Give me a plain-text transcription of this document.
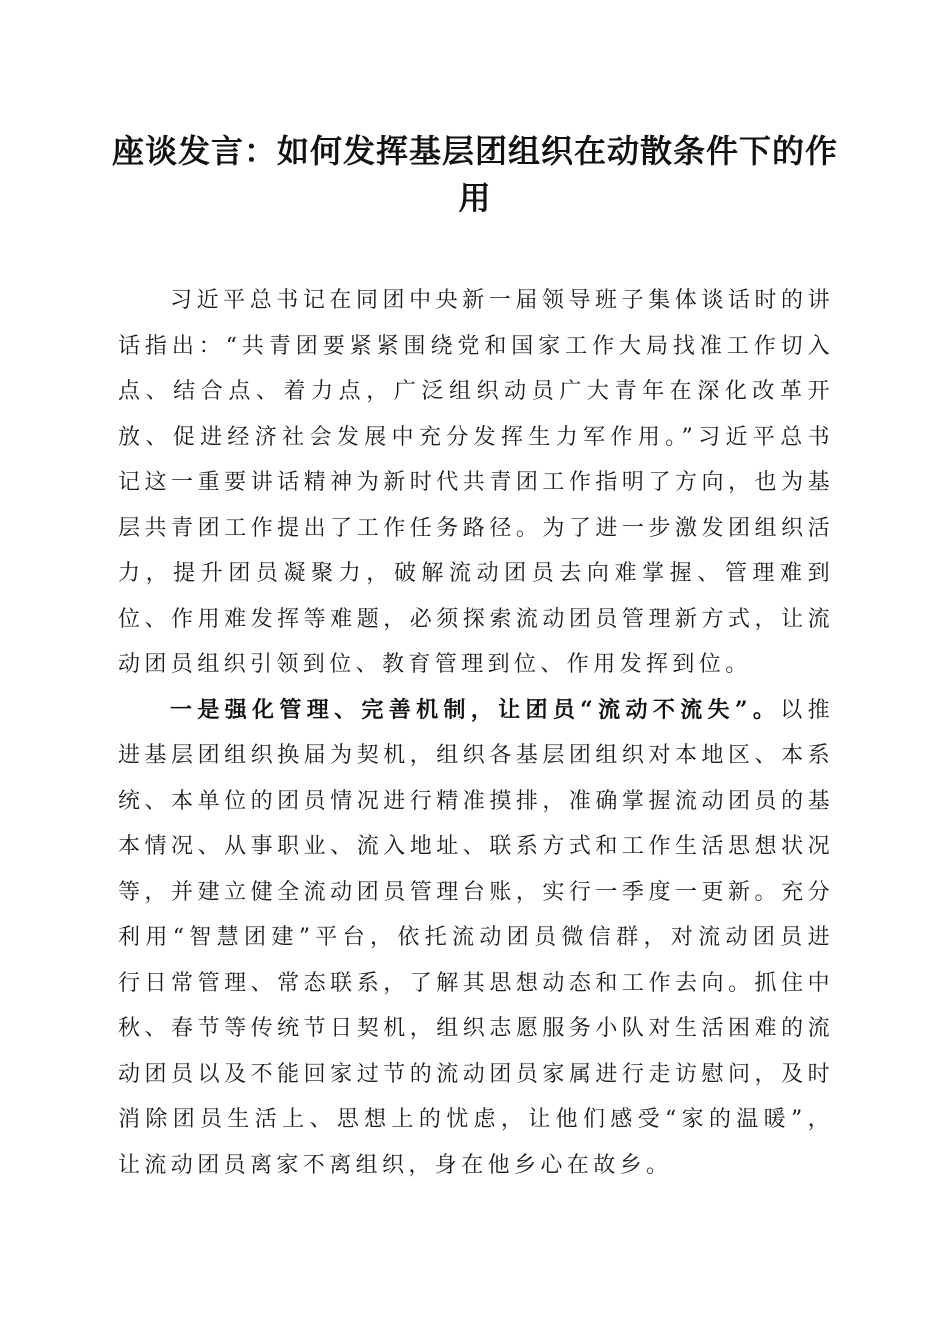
座谈发言：如何发挥基层团组织在动散条件下的作用

习近平总书记在同团中央新一届领导班子集体谈话时的讲话指出：“共青团要紧紧围绕党和国家工作大局找准工作切入点、结合点、着力点，广泛组织动员广大青年在深化改革开放、促进经济社会发展中充分发挥生力军作用。”习近平总书记这一重要讲话精神为新时代共青团工作指明了方向，也为基层共青团工作提出了工作任务路径。为了进一步激发团组织活力，提升团员凝聚力，破解流动团员去向难掌握、管理难到位、作用难发挥等难题，必须探索流动团员管理新方式，让流动团员组织引领到位、教育管理到位、作用发挥到位。

一是强化管理、完善机制，让团员“流动不流失”。以推进基层团组织换届为契机，组织各基层团组织对本地区、本系统、本单位的团员情况进行精准摸排，准确掌握流动团员的基本情况、从事职业、流入地址、联系方式和工作生活思想状况等，并建立健全流动团员管理台账，实行一季度一更新。充分利用“智慧团建”平台，依托流动团员微信群，对流动团员进行日常管理、常态联系，了解其思想动态和工作去向。抓住中秋、春节等传统节日契机，组织志愿服务小队对生活困难的流动团员以及不能回家过节的流动团员家属进行走访慰问，及时消除团员生活上、思想上的忧虑，让他们感受“家的温暖”，让流动团员离家不离组织，身在他乡心在故乡。
